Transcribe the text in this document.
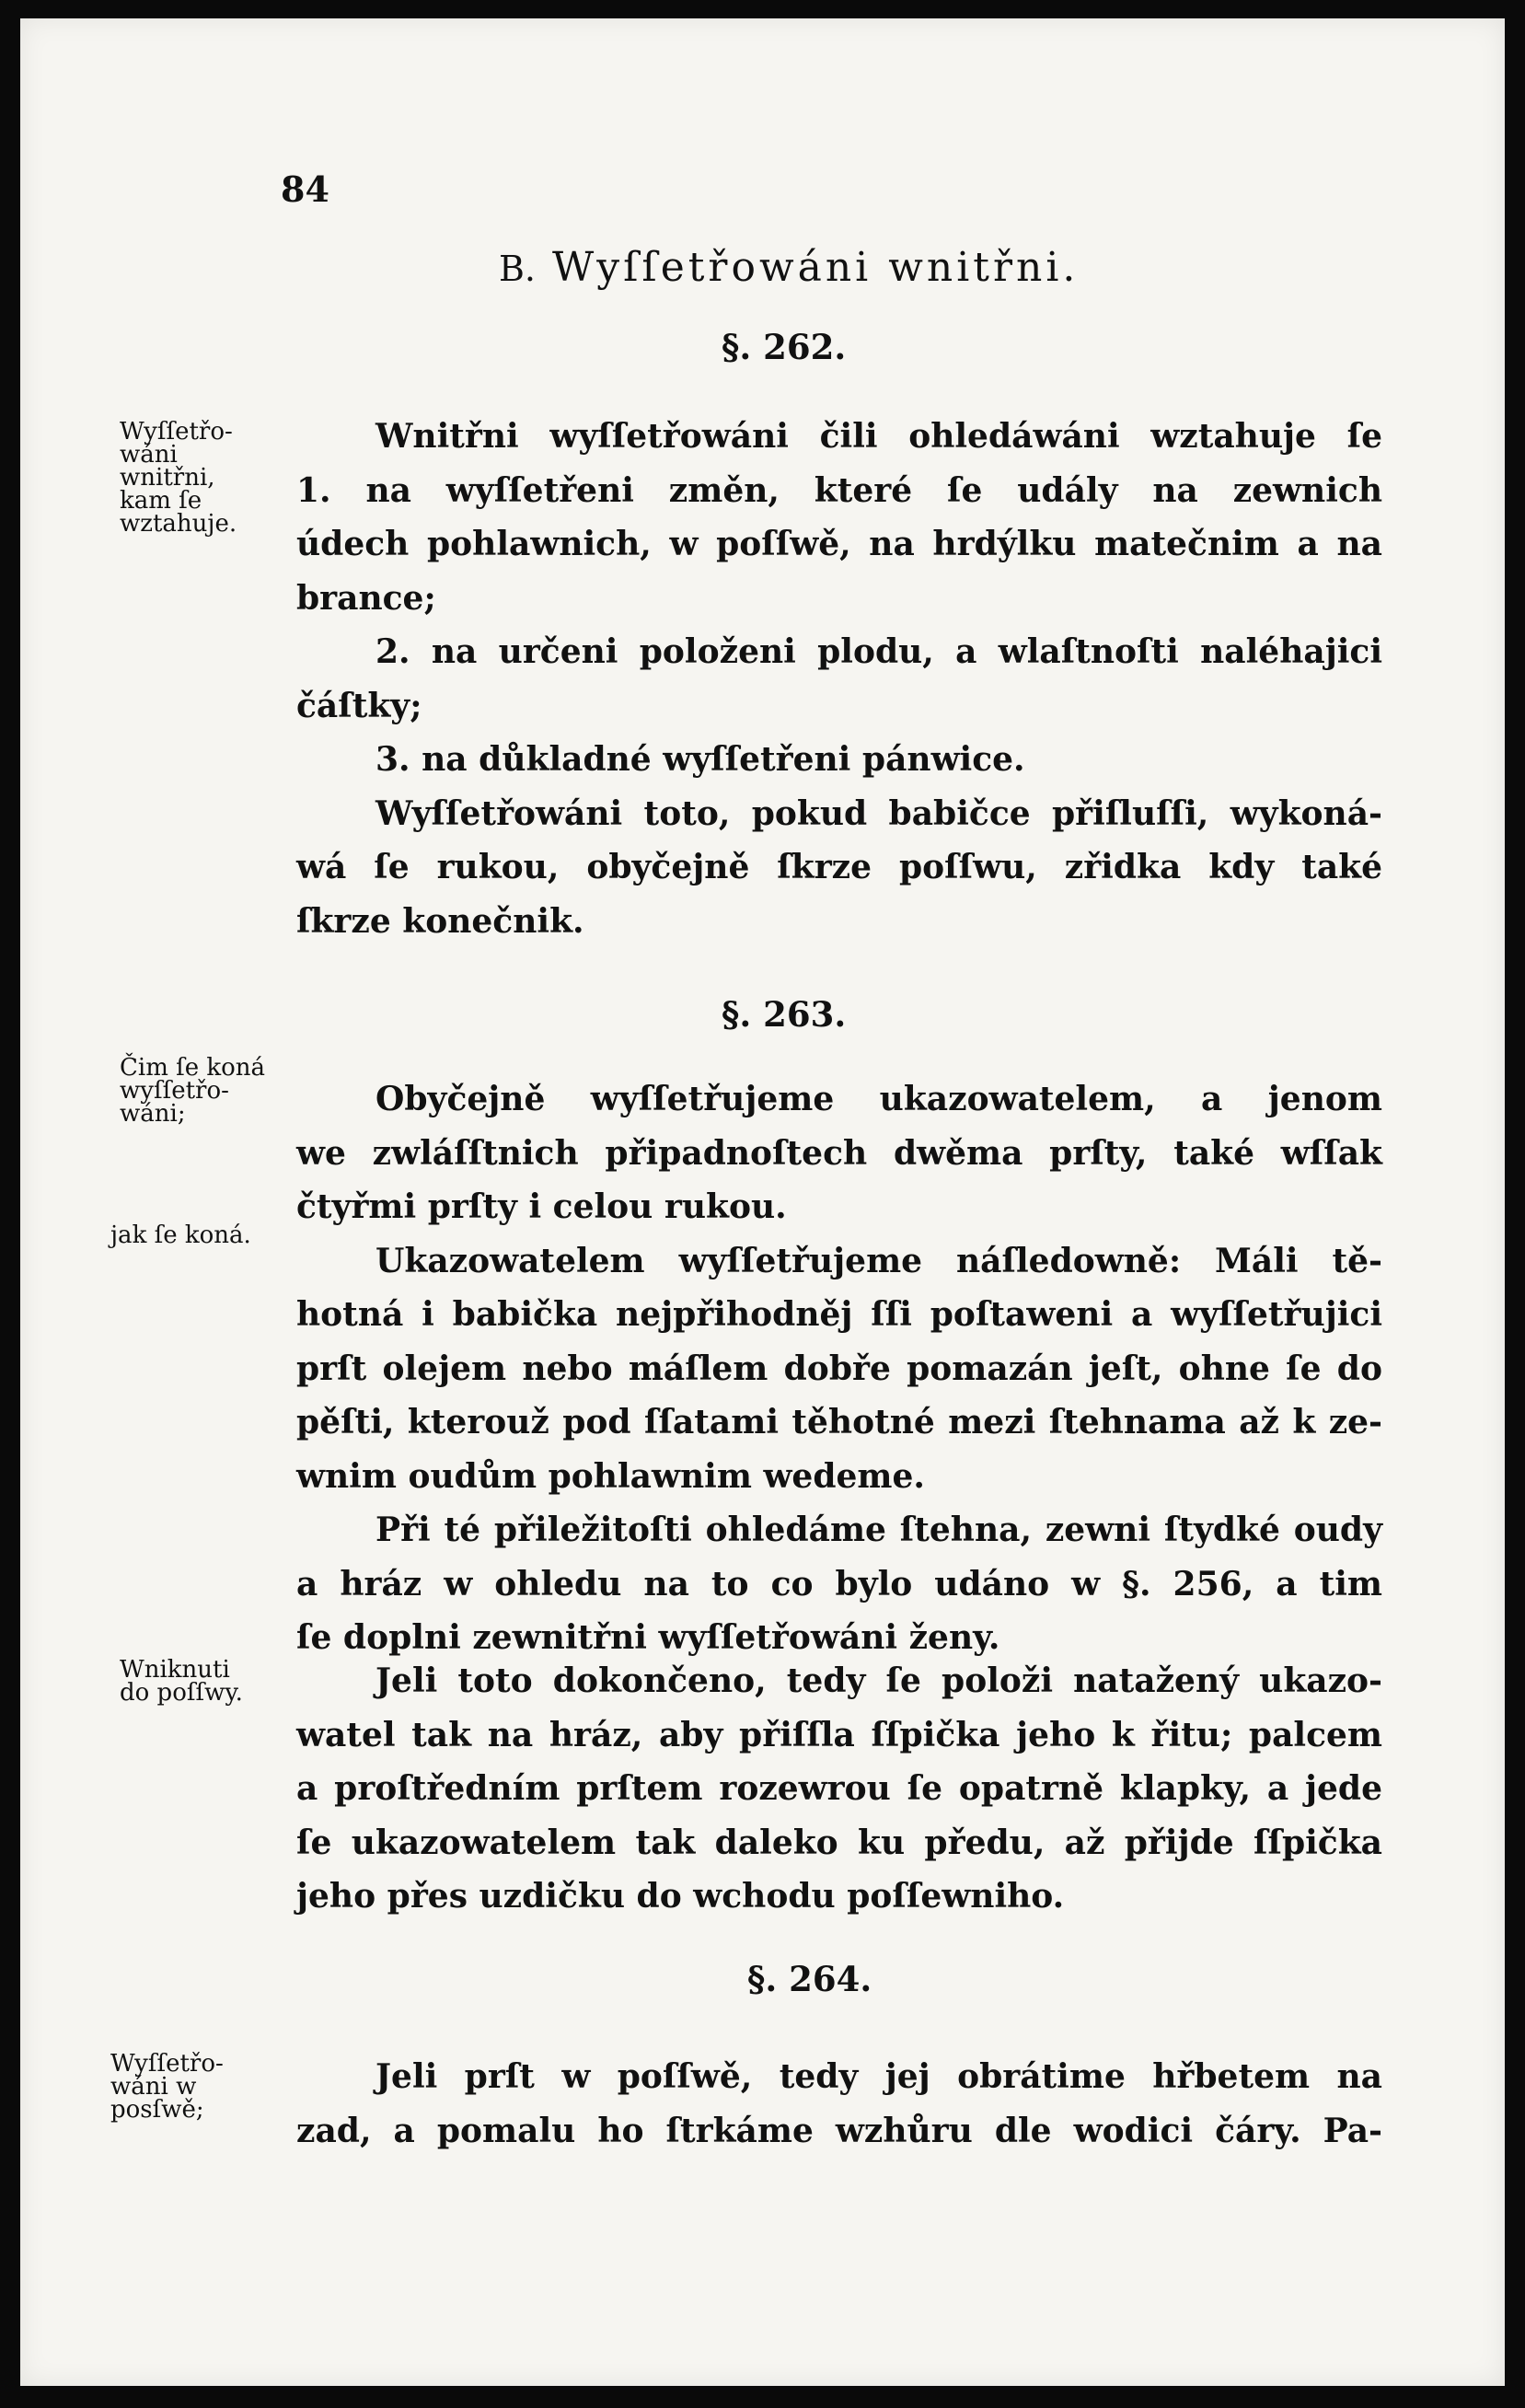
84
B. Wyſſetřowáni wnitřni.
§. 262.
Wyſſetřo-
wáni
wnitřni,
kam ſe
wztahuje.
Wnitřni wyſſetřowáni čili ohledáwáni wztahuje ſe
1. na wyſſetřeni změn, které ſe udály na zewnich
údech pohlawnich, w poſſwě, na hrdýlku matečnim a na
brance;
2. na určeni položeni plodu, a wlaſtnoſti naléhajici
čáſtky;
3. na důkladné wyſſetřeni pánwice.
Wyſſetřowáni toto, pokud babičce přiſluſſi, wykoná-
wá ſe rukou, obyčejně ſkrze poſſwu, zřidka kdy také
ſkrze konečnik.
§. 263.
Čim ſe koná
wyſſetřo-
wáni;
jak ſe koná.
Obyčejně wyſſetřujeme ukazowatelem, a jenom
we zwláſſtnich připadnoſtech dwěma prſty, také wſſak
čtyřmi prſty i celou rukou.
Ukazowatelem wyſſetřujeme náſledowně: Máli tě-
hotná i babička nejpřihodněj ſſi poſtaweni a wyſſetřujici
prſt olejem nebo máſlem dobře pomazán jeſt, ohne ſe do
pěſti, kterouž pod ſſatami těhotné mezi ſtehnama až k ze-
wnim oudům pohlawnim wedeme.
Při té přiležitoſti ohledáme ſtehna, zewni ſtydké oudy
a hráz w ohledu na to co bylo udáno w §. 256, a tim
ſe doplni zewnitřni wyſſetřowáni ženy.
Wniknuti
do poſſwy.	Jeli toto dokončeno, tedy ſe položi natažený ukazo-
watel tak na hráz, aby přiſſla ſſpička jeho k řitu; palcem
a proſtředním prſtem rozewrou ſe opatrně klapky, a jede
ſe ukazowatelem tak daleko ku předu, až přijde ſſpička
jeho přes uzdičku do wchodu poſſewniho.
§. 264.
Wyſſetřo-
wáni w
posſwě;
Jeli prſt w poſſwě, tedy jej obrátime hřbetem na
zad, a pomalu ho ſtrkáme wzhůru dle wodici čáry. Pa-
